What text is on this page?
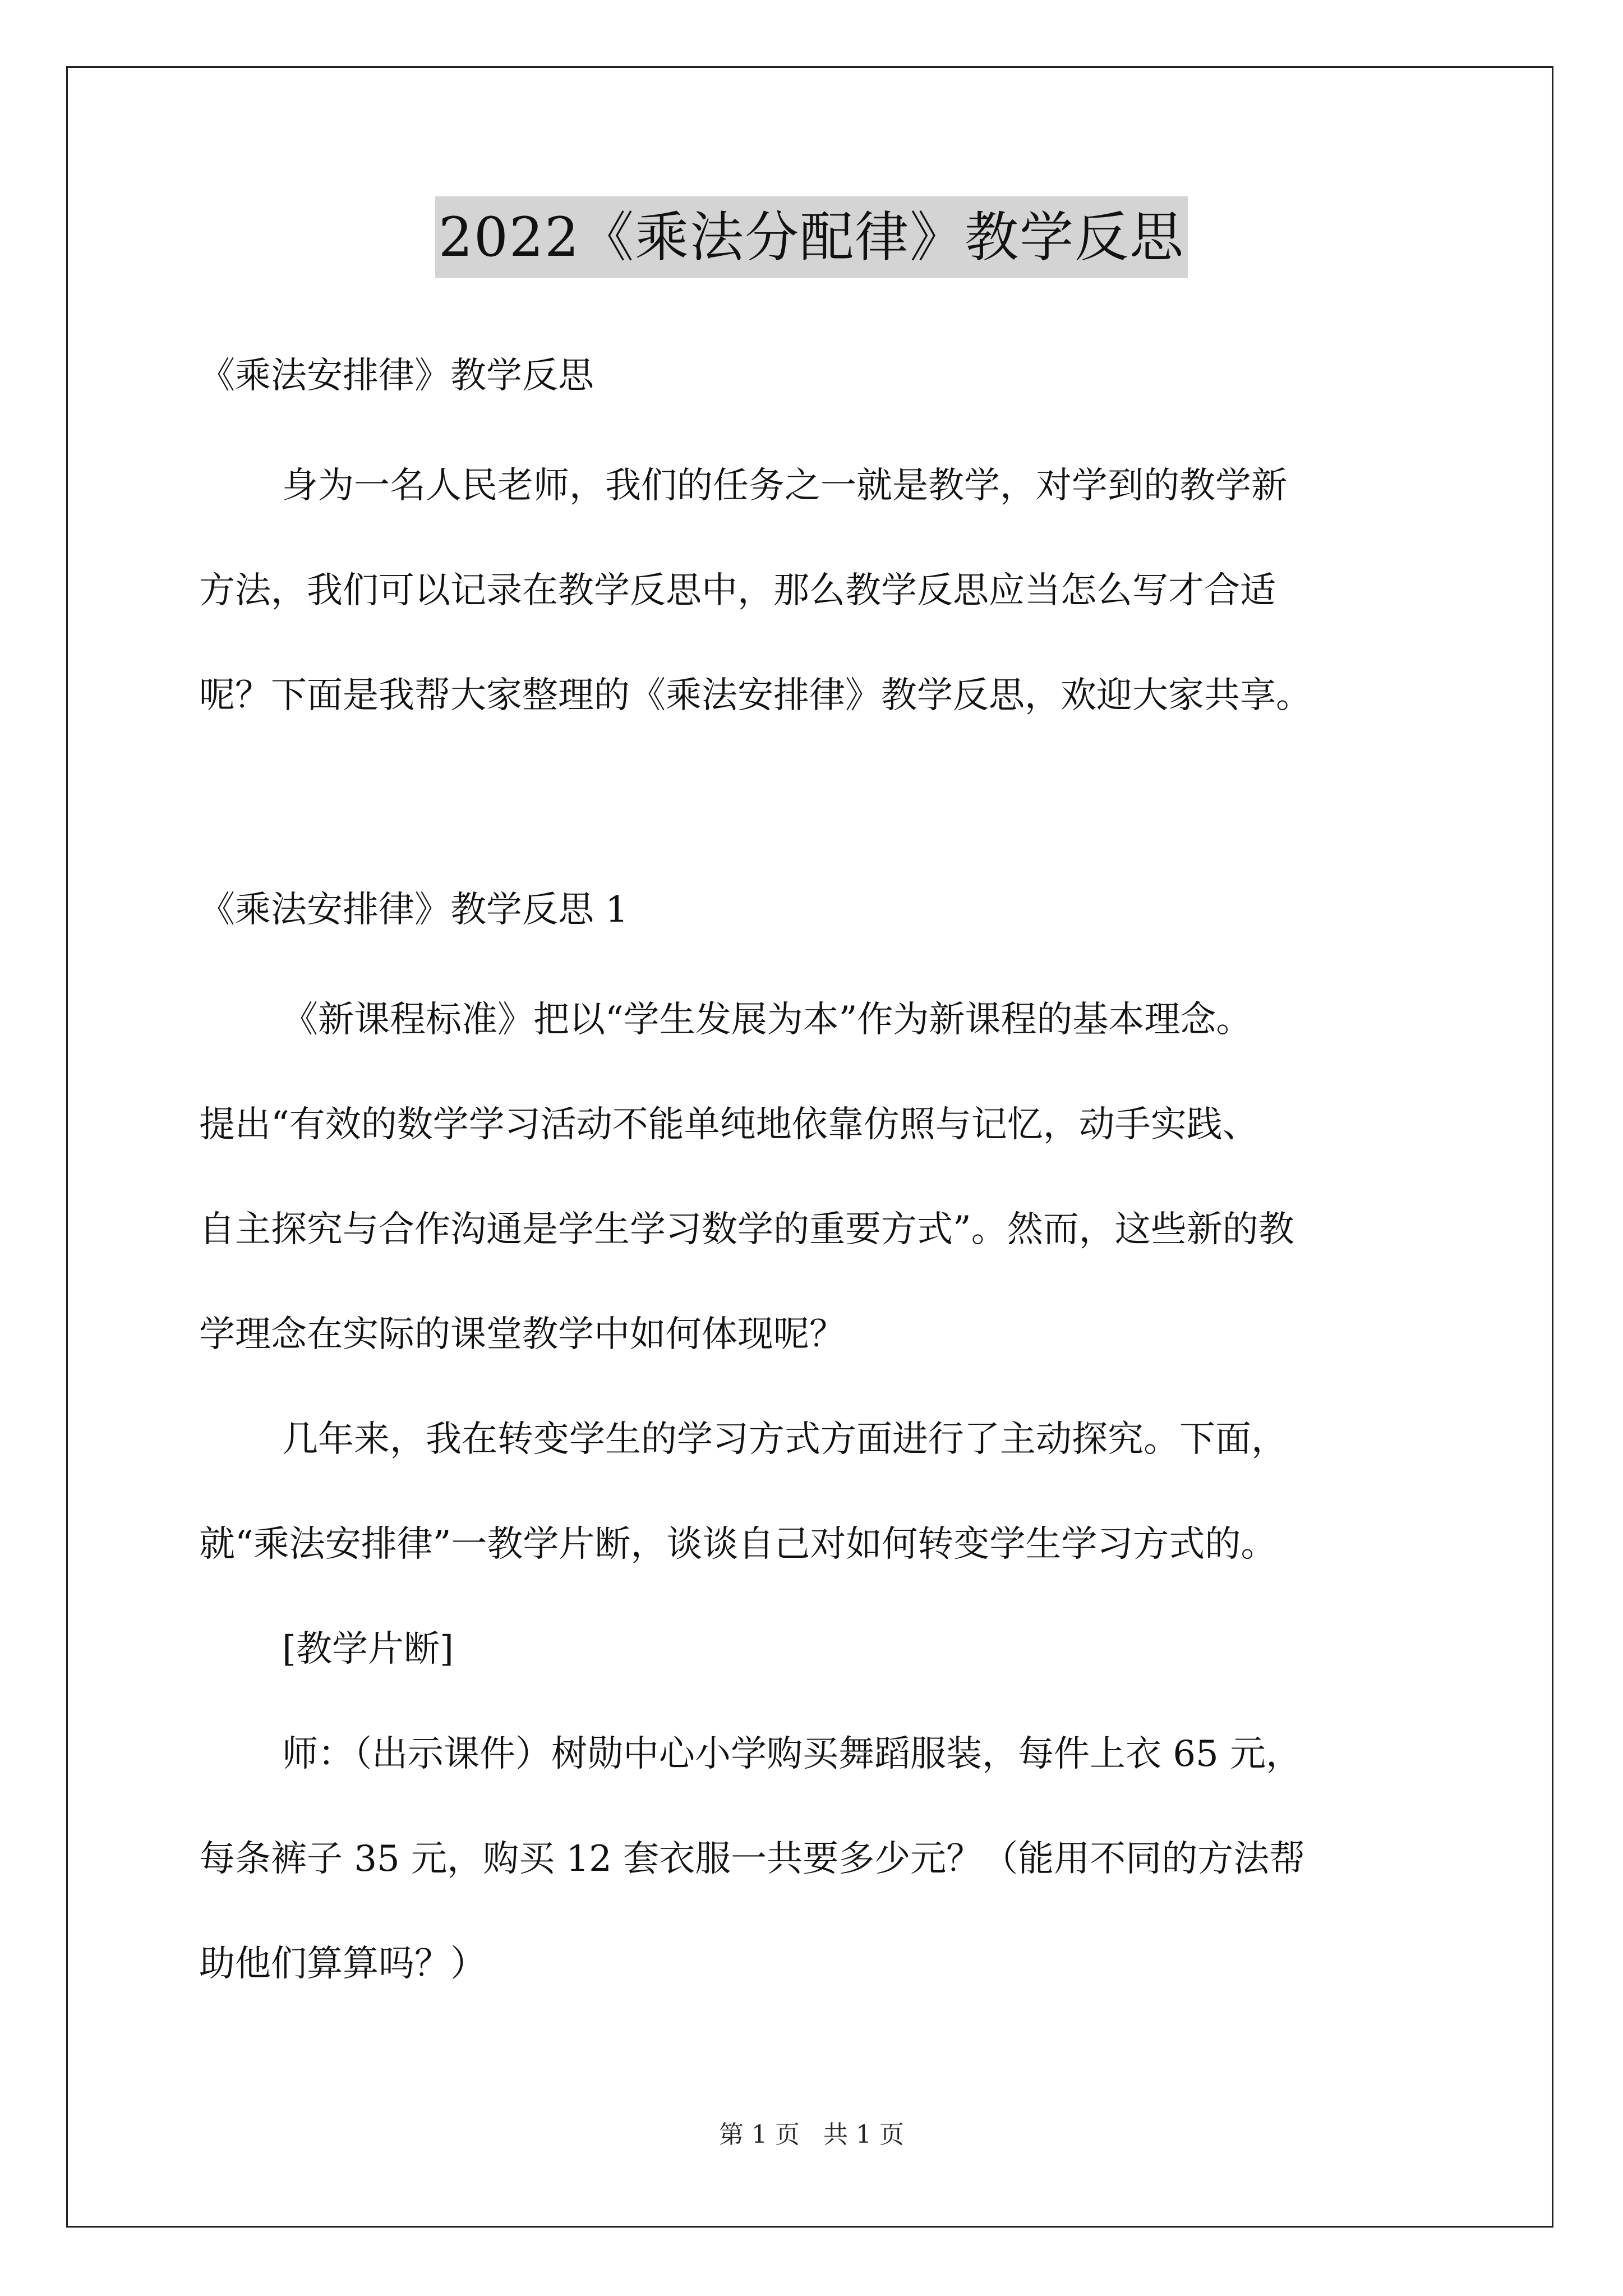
2022《乘法分配律》教学反思
《乘法安排律》教学反思
身为一名人民老师，我们的任务之一就是教学，对学到的教学新
方法，我们可以记录在教学反思中，那么教学反思应当怎么写才合适
呢？下面是我帮大家整理的《乘法安排律》教学反思，欢迎大家共享。
《乘法安排律》教学反思 1
《新课程标准》把以“学生发展为本”作为新课程的基本理念。
提出“有效的数学学习活动不能单纯地依靠仿照与记忆，动手实践、
自主探究与合作沟通是学生学习数学的重要方式”。然而，这些新的教
学理念在实际的课堂教学中如何体现呢？
几年来，我在转变学生的学习方式方面进行了主动探究。下面，
就“乘法安排律”一教学片断，谈谈自己对如何转变学生学习方式的。
[教学片断]
师：（出示课件）树勋中心小学购买舞蹈服装，每件上衣 65 元，
每条裤子 35 元，购买 12 套衣服一共要多少元？（能用不同的方法帮
助他们算算吗？）
第 1 页 共 1 页
